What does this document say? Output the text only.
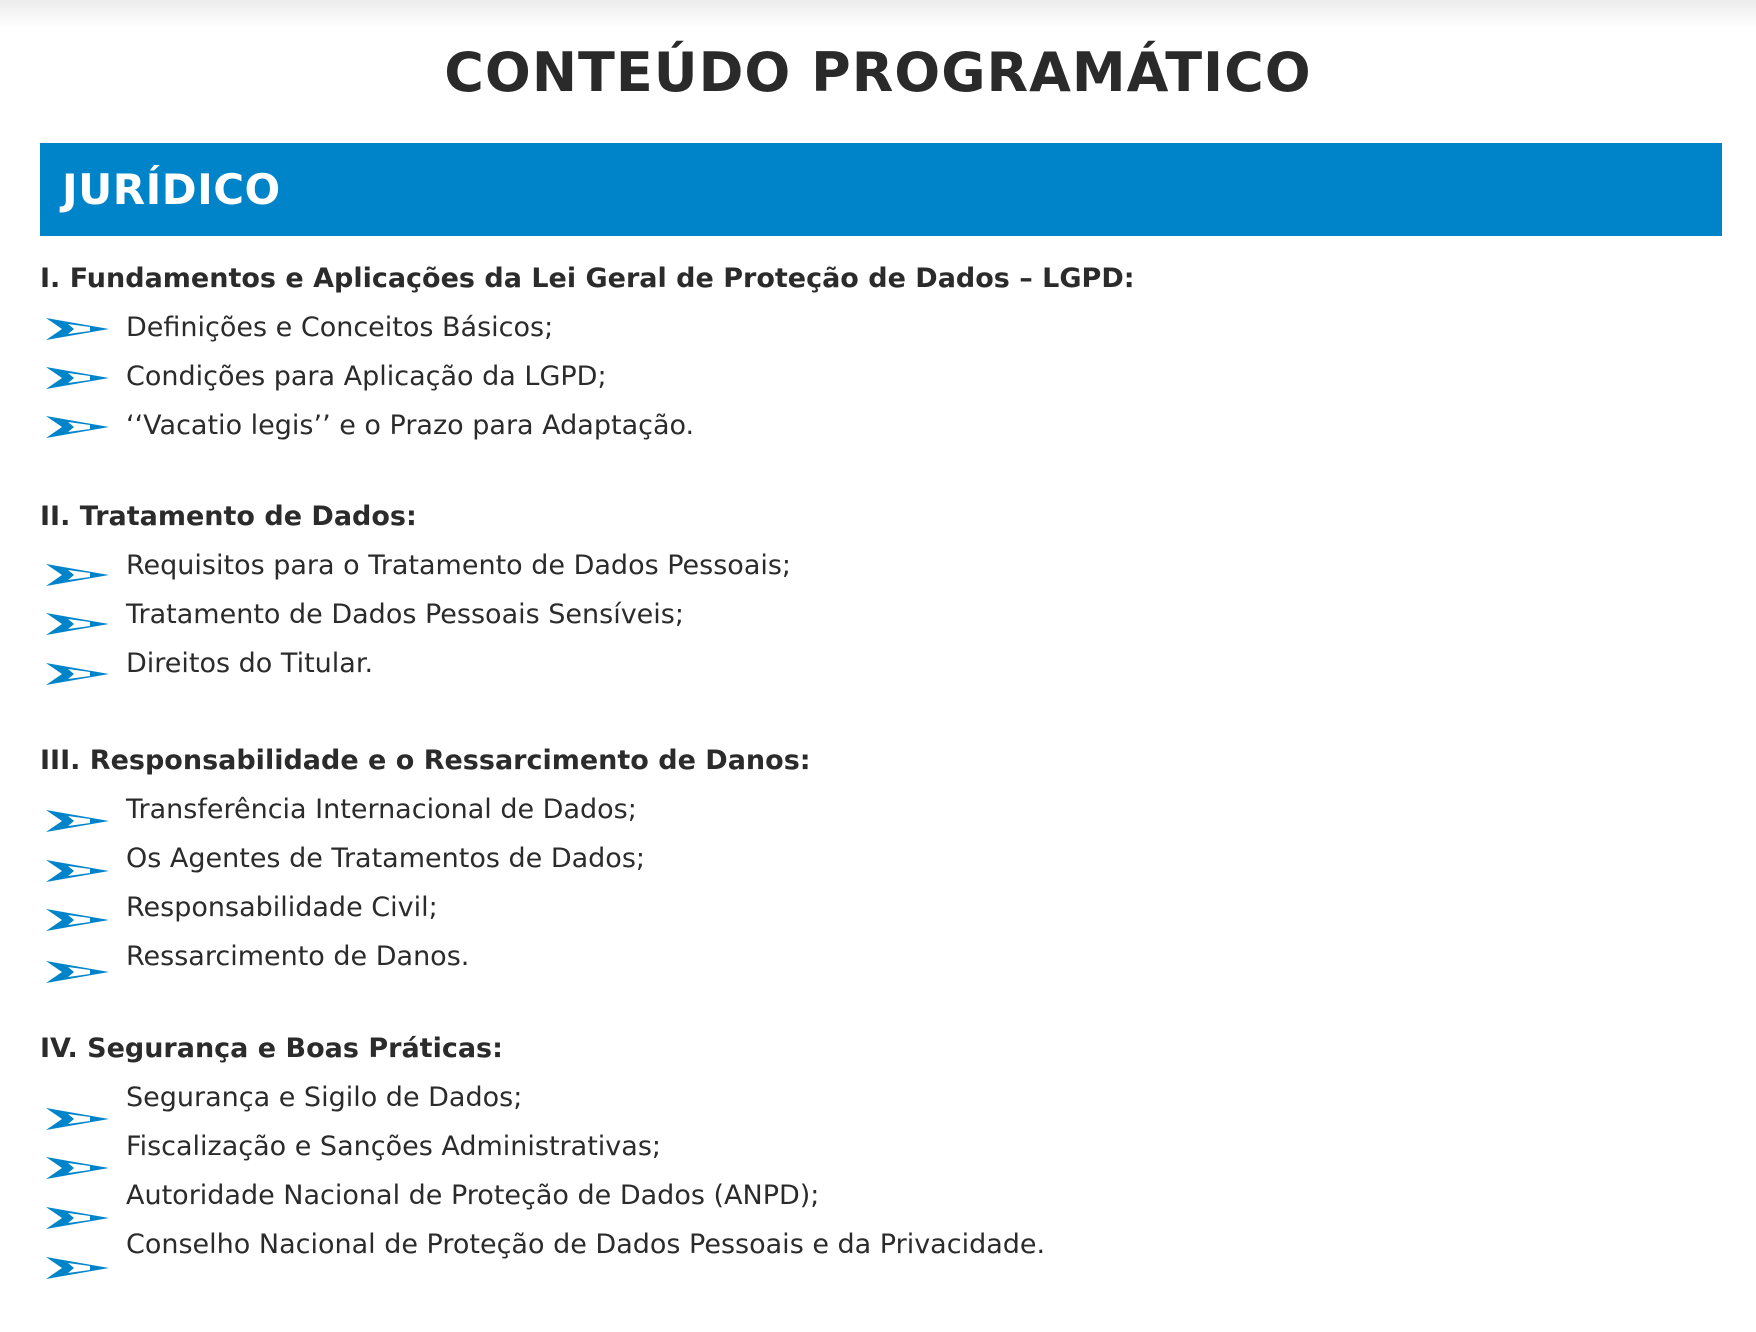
CONTEÚDO PROGRAMÁTICO
JURÍDICO
I. Fundamentos e Aplicações da Lei Geral de Proteção de Dados – LGPD:
Definições e Conceitos Básicos;
Condições para Aplicação da LGPD;
‘‘Vacatio legis’’ e o Prazo para Adaptação.
II. Tratamento de Dados:
Requisitos para o Tratamento de Dados Pessoais;
Tratamento de Dados Pessoais Sensíveis;
Direitos do Titular.
III. Responsabilidade e o Ressarcimento de Danos:
Transferência Internacional de Dados;
Os Agentes de Tratamentos de Dados;
Responsabilidade Civil;
Ressarcimento de Danos.
IV. Segurança e Boas Práticas:
Segurança e Sigilo de Dados;
Fiscalização e Sanções Administrativas;
Autoridade Nacional de Proteção de Dados (ANPD);
Conselho Nacional de Proteção de Dados Pessoais e da Privacidade.
